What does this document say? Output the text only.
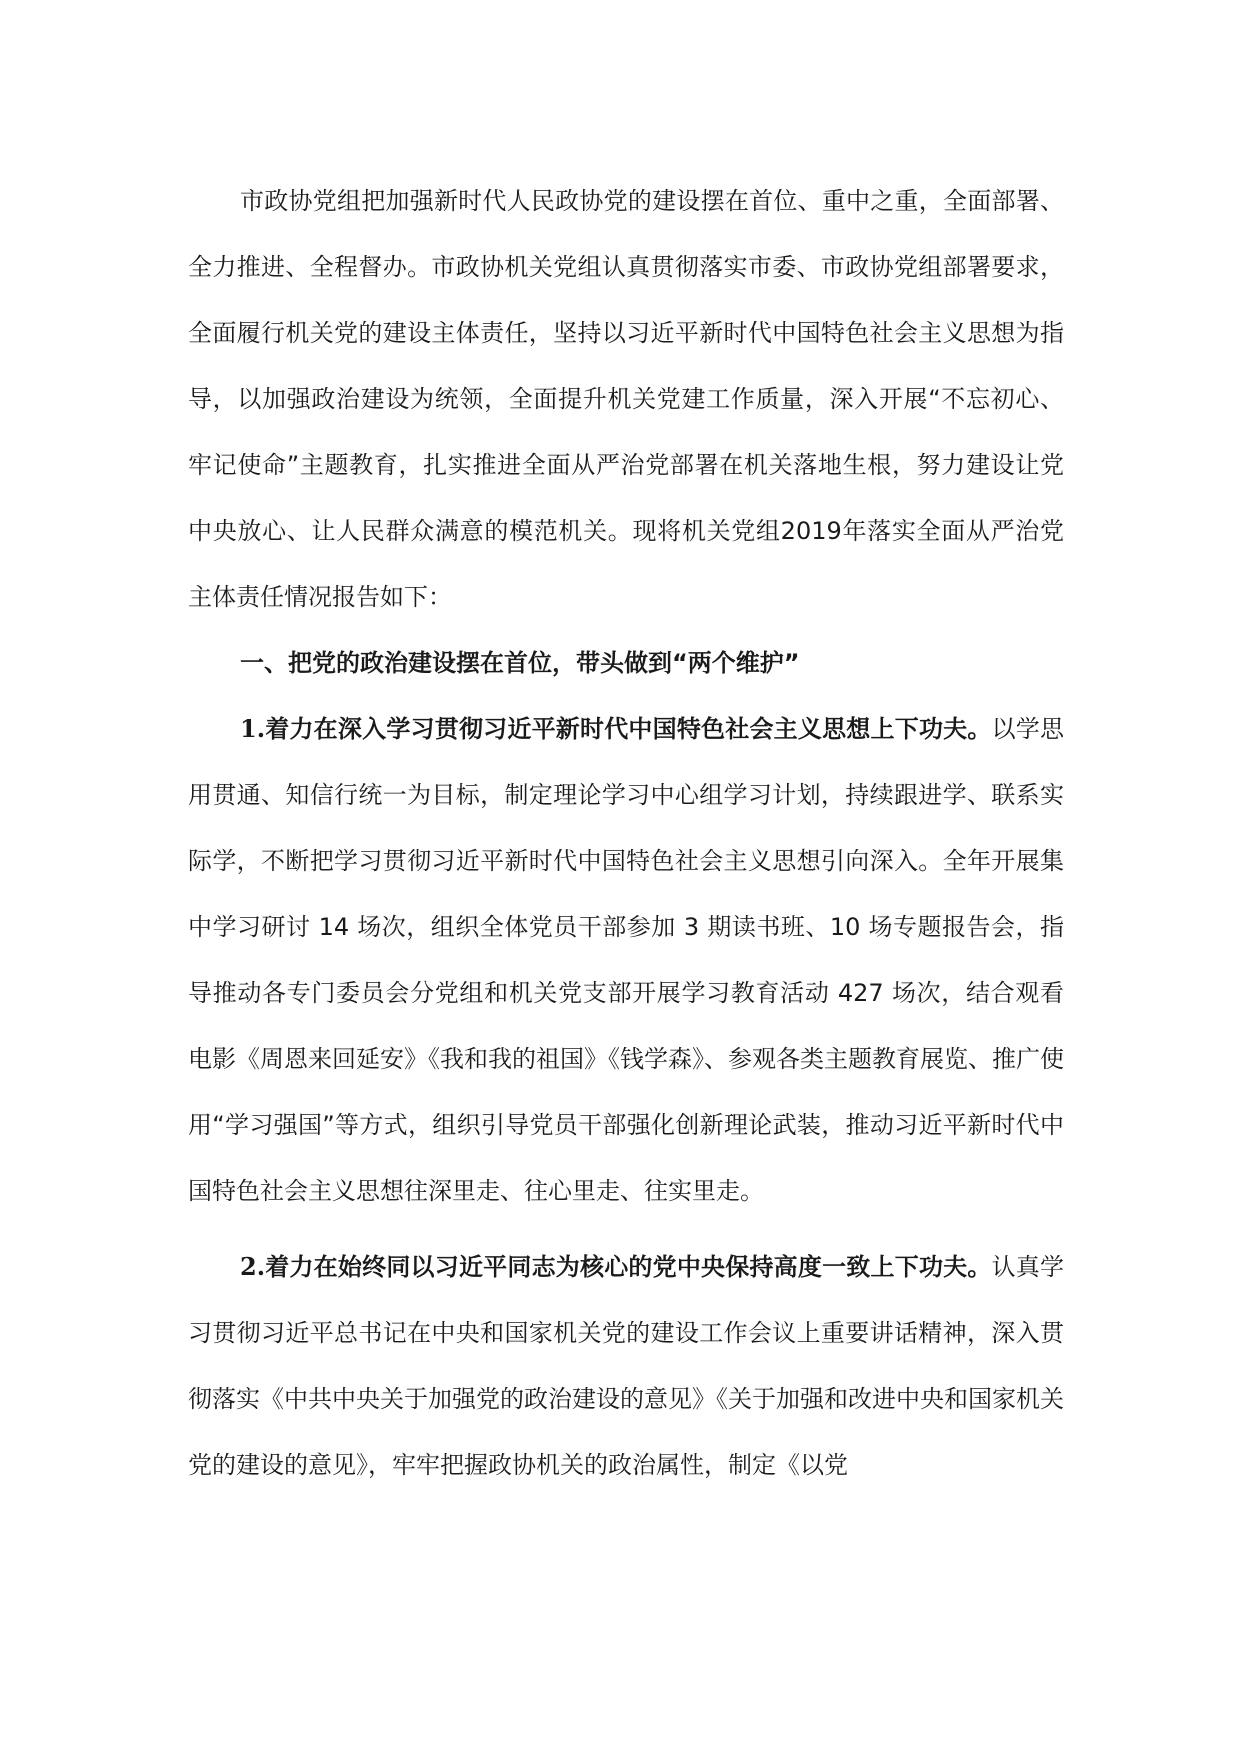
市政协党组把加强新时代人民政协党的建设摆在首位、重中之重，全面部署、全力推进、全程督办。市政协机关党组认真贯彻落实市委、市政协党组部署要求，全面履行机关党的建设主体责任，坚持以习近平新时代中国特色社会主义思想为指导，以加强政治建设为统领，全面提升机关党建工作质量，深入开展“不忘初心、牢记使命”主题教育，扎实推进全面从严治党部署在机关落地生根，努力建设让党中央放心、让人民群众满意的模范机关。现将机关党组2019年落实全面从严治党主体责任情况报告如下：

一、把党的政治建设摆在首位，带头做到“两个维护”

1.着力在深入学习贯彻习近平新时代中国特色社会主义思想上下功夫。以学思用贯通、知信行统一为目标，制定理论学习中心组学习计划，持续跟进学、联系实际学，不断把学习贯彻习近平新时代中国特色社会主义思想引向深入。全年开展集中学习研讨 14 场次，组织全体党员干部参加 3 期读书班、10 场专题报告会，指导推动各专门委员会分党组和机关党支部开展学习教育活动 427 场次，结合观看电影《周恩来回延安》《我和我的祖国》《钱学森》、参观各类主题教育展览、推广使用“学习强国”等方式，组织引导党员干部强化创新理论武装，推动习近平新时代中国特色社会主义思想往深里走、往心里走、往实里走。

2.着力在始终同以习近平同志为核心的党中央保持高度一致上下功夫。认真学习贯彻习近平总书记在中央和国家机关党的建设工作会议上重要讲话精神，深入贯彻落实《中共中央关于加强党的政治建设的意见》《关于加强和改进中央和国家机关党的建设的意见》，牢牢把握政协机关的政治属性，制定《以党
